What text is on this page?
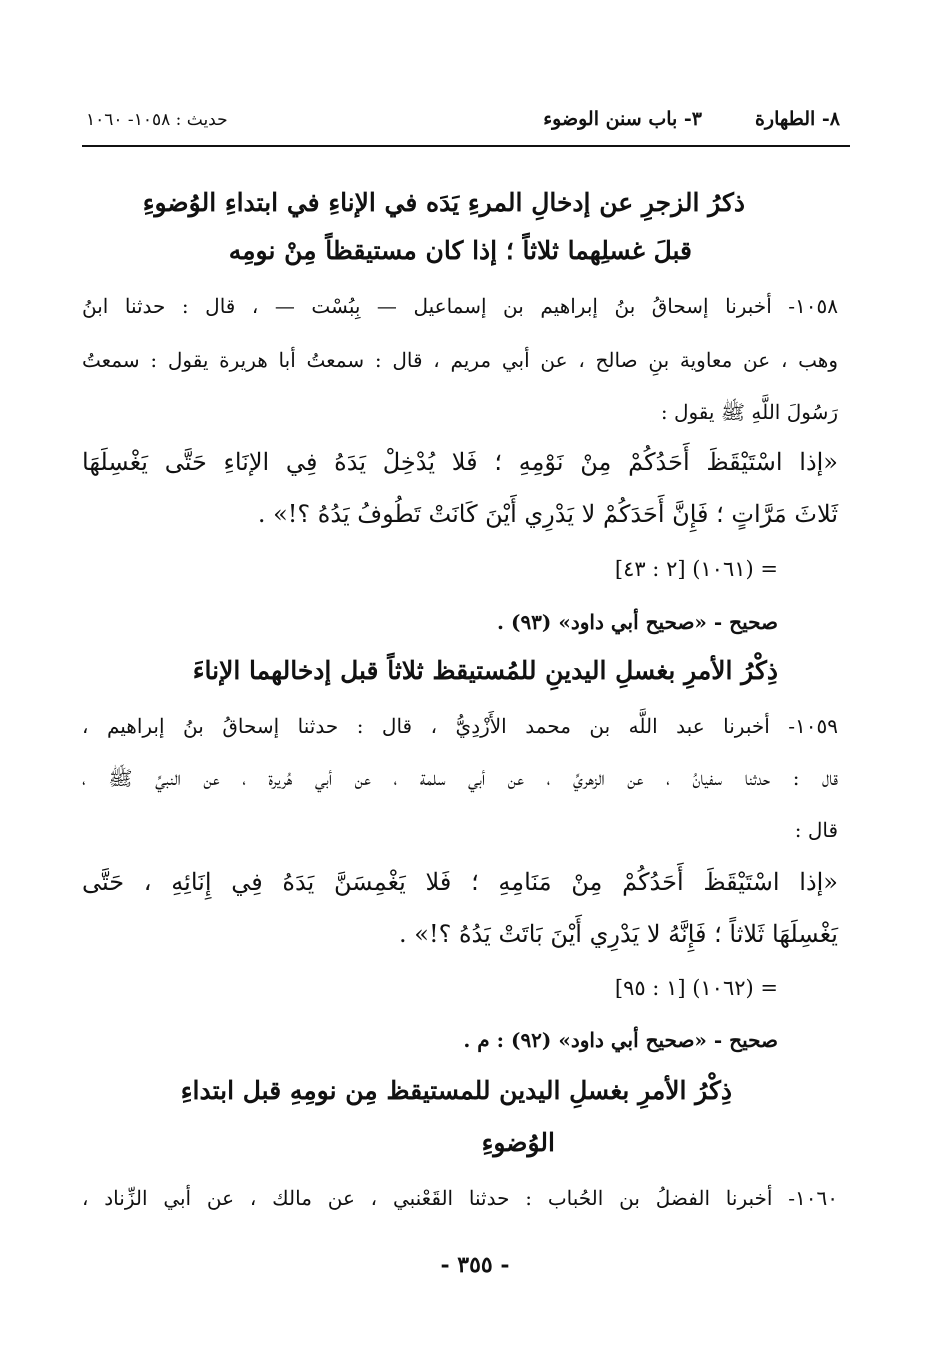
٨- الطهارة
٣- باب سنن الوضوء
حديث : ١٠٥٨- ١٠٦٠
ذكرُ الزجرِ عن إدخالِ المرءِ يَدَه في الإناءِ في ابتداءِ الوُضوءِ
قبلَ غسلِهما ثلاثاً ؛ إذا كان مستيقظاً مِنْ نومِه
١٠٥٨- أخبرنا إسحاقُ بنُ إبراهيم بن إسماعيل — بِبُسْت — ، قال : حدثنا ابنُ
وهب ، عن معاوية بنِ صالح ، عن أبي مريم ، قال : سمعتُ أبا هريرة يقول : سمعتُ
رَسُولَ اللَّهِ ﷺ يقول :
«إذا اسْتَيْقَظَ أَحَدُكُمْ مِنْ نَوْمِهِ ؛ فَلا يُدْخِلْ يَدَهُ فِي الإنَاءِ حَتَّى يَغْسِلَهَا
ثَلاثَ مَرَّاتٍ ؛ فَإِنَّ أَحَدَكُمْ لا يَدْرِي أَيْنَ كَانَتْ تَطُوفُ يَدُهُ ؟!» .
= (١٠٦١) [٢ : ٤٣]
صحيح - «صحيح أبي داود» (٩٣) .
ذِكْرُ الأمرِ بغسلِ اليدينِ للمُستيقظ ثلاثاً قبل إدخالهما الإناءَ
١٠٥٩- أخبرنا عبد اللَّه بن محمد الأَزْدِيُّ ، قال : حدثنا إسحاقُ بنُ إبراهيم ،
قال : حدثنا سفيانُ ، عن الزهريِّ ، عن أبي سلمة ، عن أبي هُريرة ، عن النبيِّ ﷺ ،
قال :
«إذا اسْتَيْقَظَ أَحَدُكُمْ مِنْ مَنَامِهِ ؛ فَلا يَغْمِسَنَّ يَدَهُ فِي إِنَائِهِ ، حَتَّى
يَغْسِلَهَا ثَلاثاً ؛ فَإِنَّهُ لا يَدْرِي أَيْنَ بَاتَتْ يَدُهُ ؟!» .
= (١٠٦٢) [١ : ٩٥]
صحيح - «صحيح أبي داود» (٩٢) : م .
ذِكْرُ الأمرِ بغسلِ اليدين للمستيقظ مِن نومِهِ قبل ابتداءِ
الوُضوءِ
١٠٦٠- أخبرنا الفضلُ بن الحُباب : حدثنا القَعْنبي ، عن مالك ، عن أبي الزِّناد ،
- ٣٥٥ -
